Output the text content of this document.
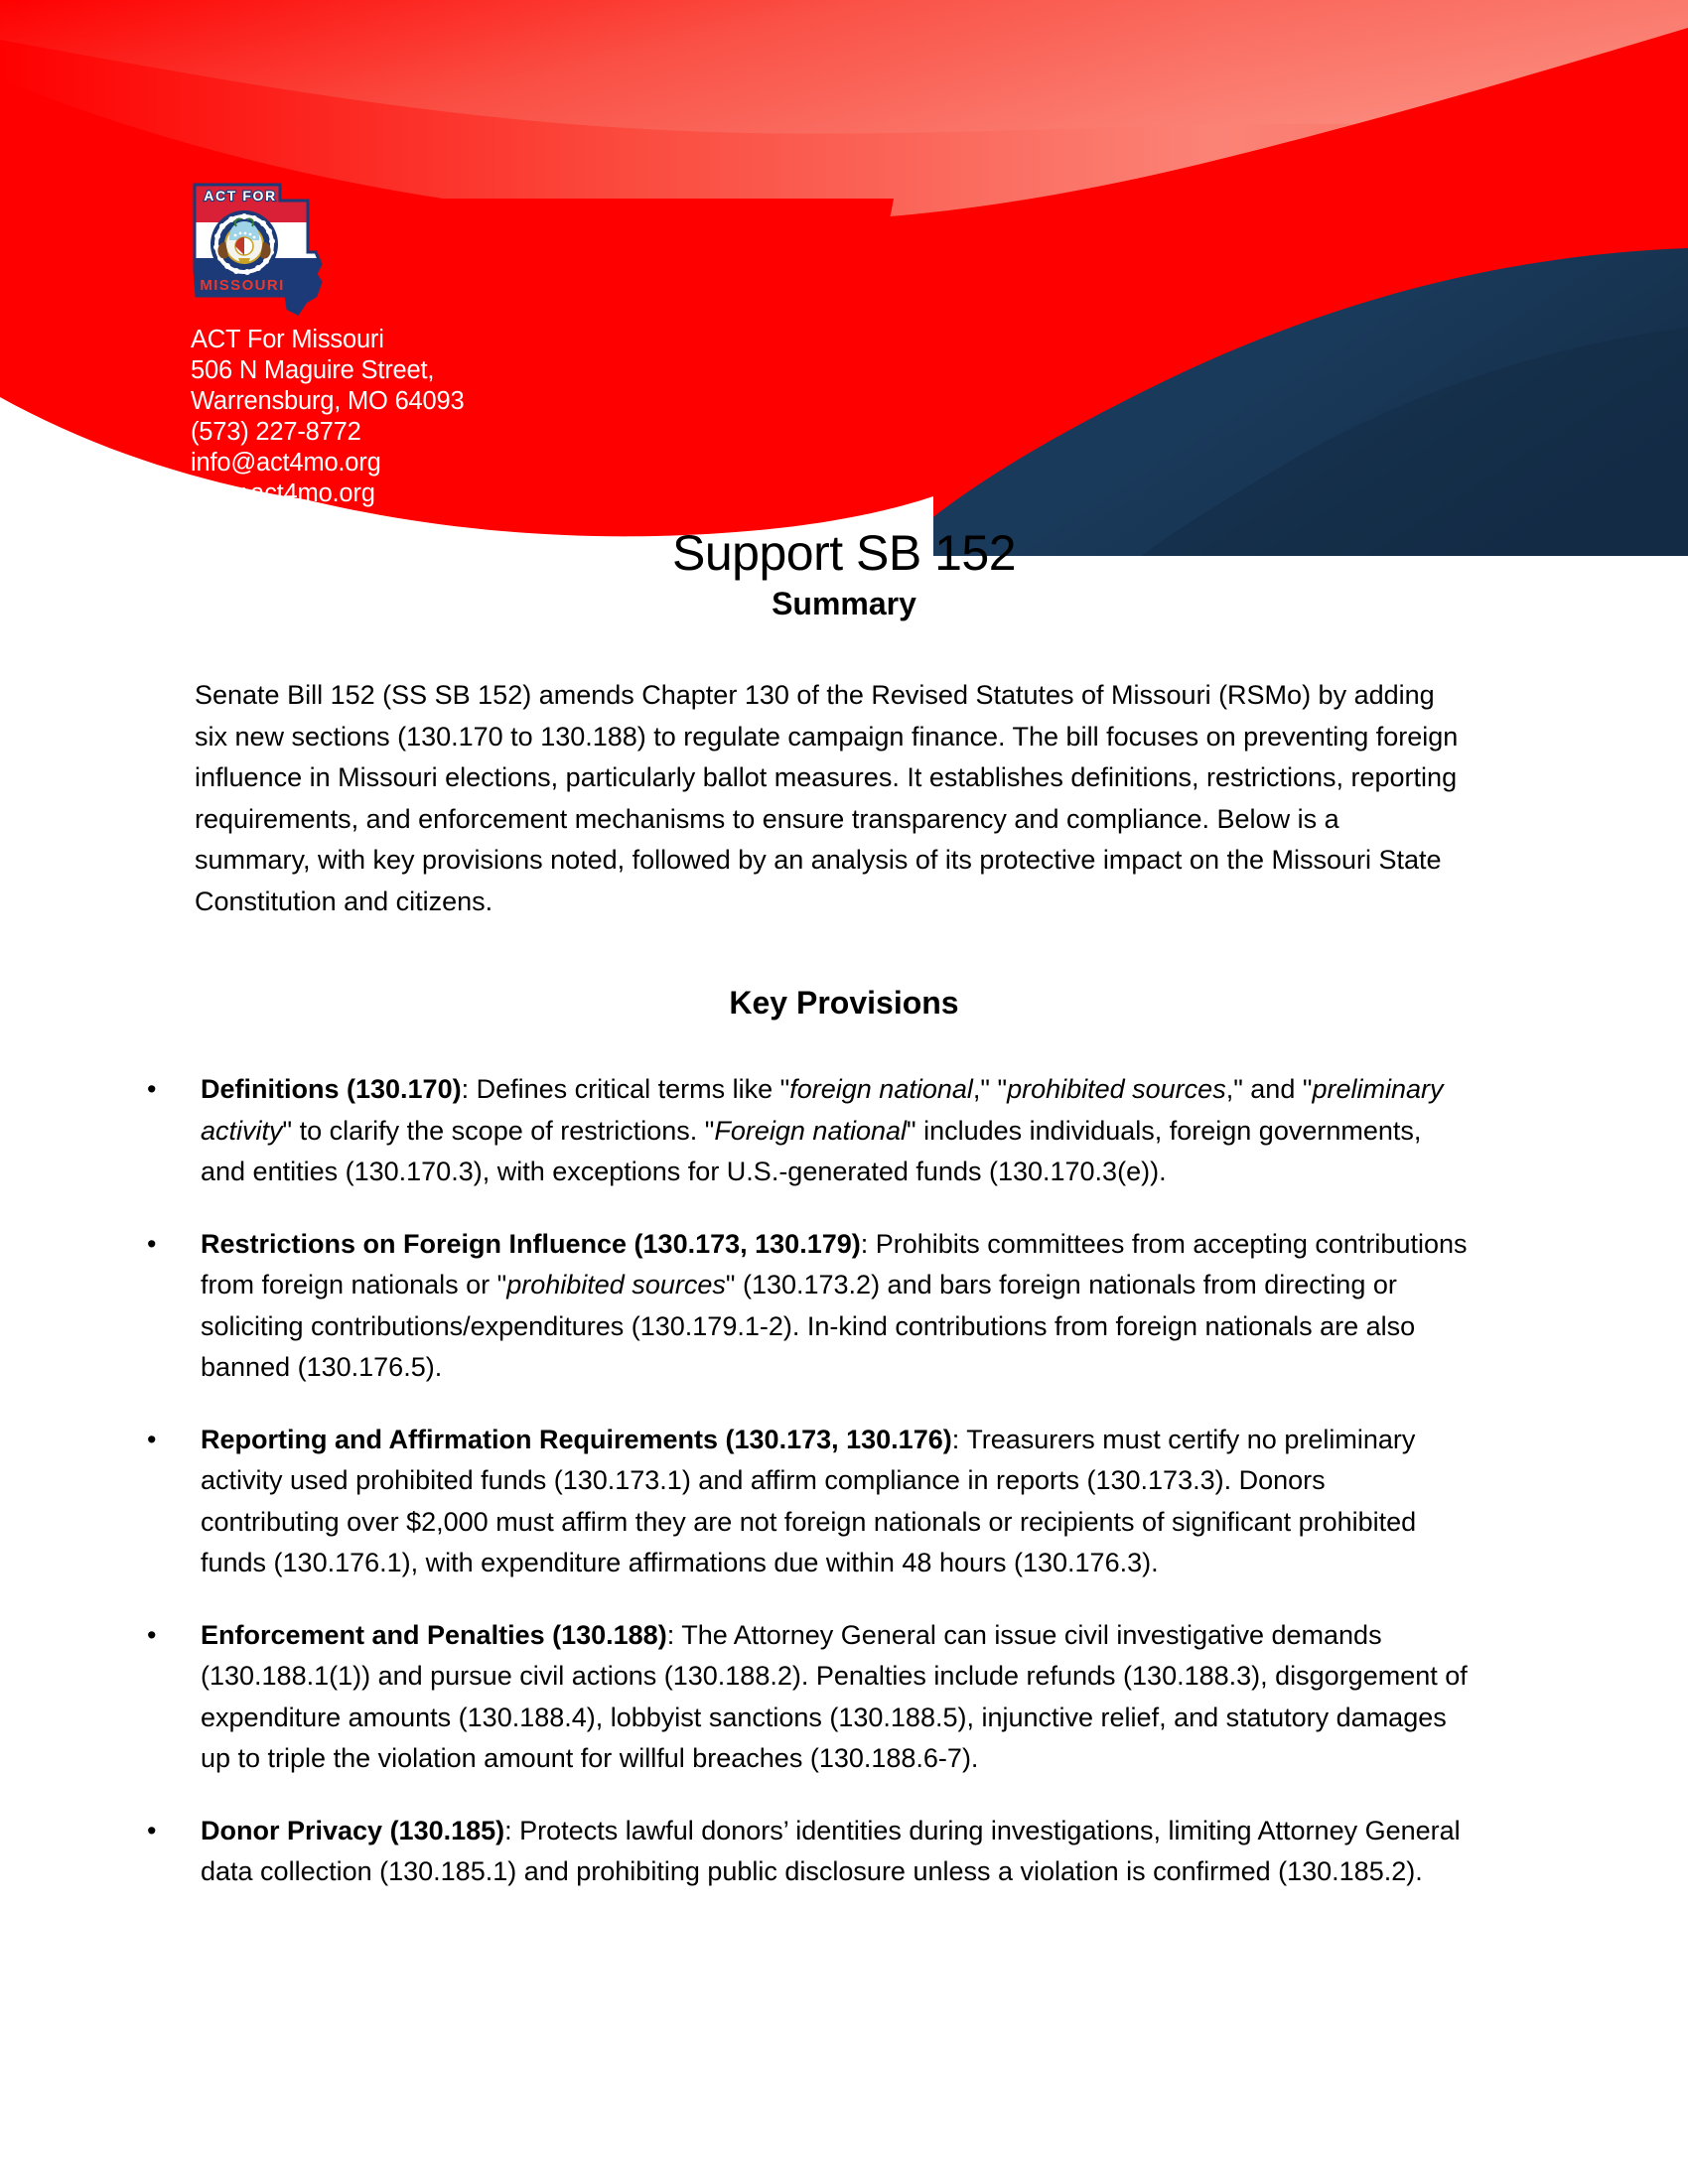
ACT FOR
MISSOURI
ACT For Missouri
506 N Maguire Street,
Warrensburg, MO 64093
(573) 227-8772
info@act4mo.org
www.act4mo.org
Support SB 152
Summary
Senate Bill 152 (SS SB 152) amends Chapter 130 of the Revised Statutes of Missouri (RSMo) by adding six new sections (130.170 to 130.188) to regulate campaign finance. The bill focuses on preventing foreign influence in Missouri elections, particularly ballot measures. It establishes definitions, restrictions, reporting requirements, and enforcement mechanisms to ensure transparency and compliance. Below is a summary, with key provisions noted, followed by an analysis of its protective impact on the Missouri State Constitution and citizens.
Key Provisions
• Definitions (130.170): Defines critical terms like "foreign national," "prohibited sources," and "preliminary activity" to clarify the scope of restrictions. "Foreign national" includes individuals, foreign governments, and entities (130.170.3), with exceptions for U.S.-generated funds (130.170.3(e)).
• Restrictions on Foreign Influence (130.173, 130.179): Prohibits committees from accepting contributions from foreign nationals or "prohibited sources" (130.173.2) and bars foreign nationals from directing or soliciting contributions/expenditures (130.179.1-2). In-kind contributions from foreign nationals are also banned (130.176.5).
• Reporting and Affirmation Requirements (130.173, 130.176): Treasurers must certify no preliminary activity used prohibited funds (130.173.1) and affirm compliance in reports (130.173.3). Donors contributing over $2,000 must affirm they are not foreign nationals or recipients of significant prohibited funds (130.176.1), with expenditure affirmations due within 48 hours (130.176.3).
• Enforcement and Penalties (130.188): The Attorney General can issue civil investigative demands (130.188.1(1)) and pursue civil actions (130.188.2). Penalties include refunds (130.188.3), disgorgement of expenditure amounts (130.188.4), lobbyist sanctions (130.188.5), injunctive relief, and statutory damages up to triple the violation amount for willful breaches (130.188.6-7).
• Donor Privacy (130.185): Protects lawful donors’ identities during investigations, limiting Attorney General data collection (130.185.1) and prohibiting public disclosure unless a violation is confirmed (130.185.2).
